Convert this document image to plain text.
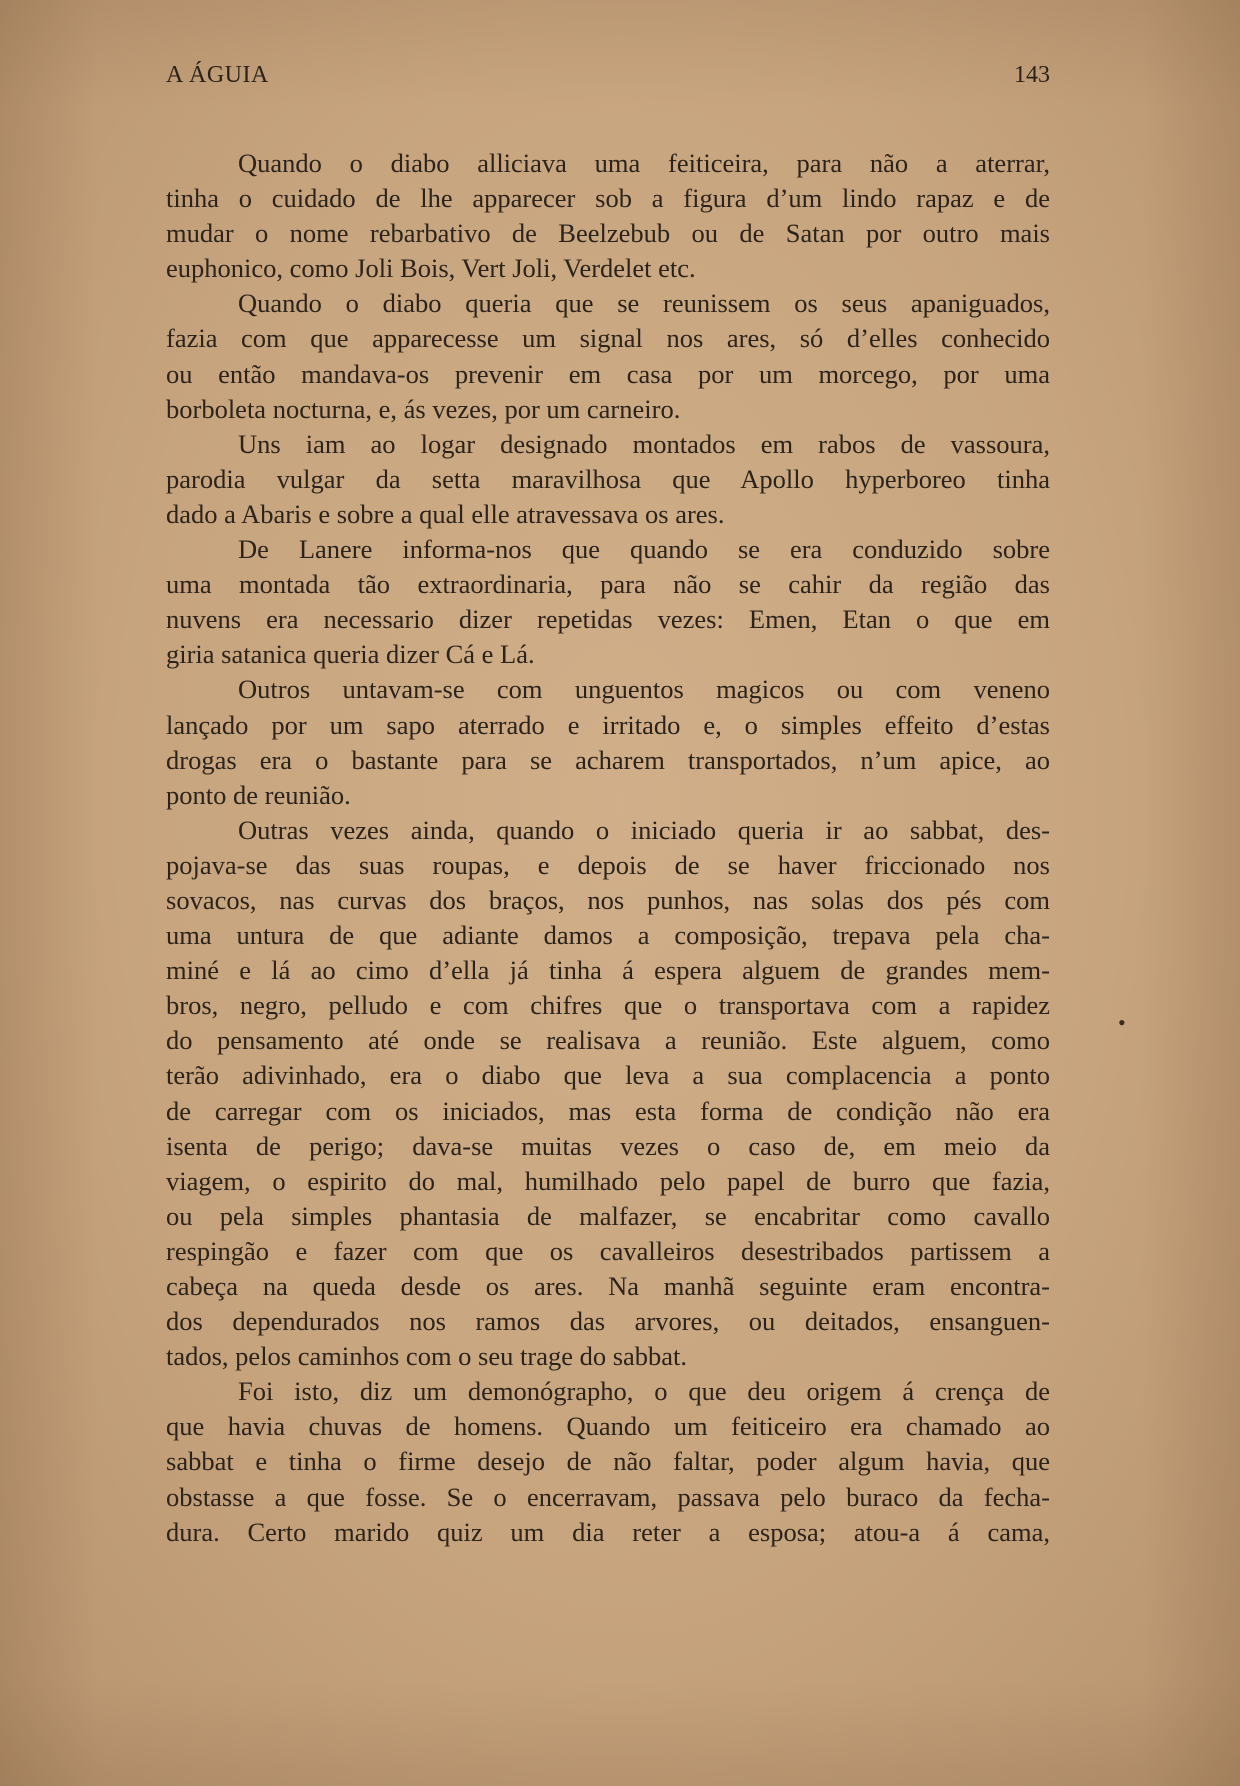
A ÁGUIA	143
Quando o diabo alliciava uma feiticeira, para não a aterrar,
tinha o cuidado de lhe apparecer sob a figura d’um lindo rapaz e de
mudar o nome rebarbativo de Beelzebub ou de Satan por outro mais
euphonico, como Joli Bois, Vert Joli, Verdelet etc.
Quando o diabo queria que se reunissem os seus apaniguados,
fazia com que apparecesse um signal nos ares, só d’elles conhecido
ou então mandava-os prevenir em casa por um morcego, por uma
borboleta nocturna, e, ás vezes, por um carneiro.
Uns iam ao logar designado montados em rabos de vassoura,
parodia vulgar da setta maravilhosa que Apollo hyperboreo tinha
dado a Abaris e sobre a qual elle atravessava os ares.
De Lanere informa-nos que quando se era conduzido sobre
uma montada tão extraordinaria, para não se cahir da região das
nuvens era necessario dizer repetidas vezes: Emen, Etan o que em
giria satanica queria dizer Cá e Lá.
Outros untavam-se com unguentos magicos ou com veneno
lançado por um sapo aterrado e irritado e, o simples effeito d’estas
drogas era o bastante para se acharem transportados, n’um apice, ao
ponto de reunião.
Outras vezes ainda, quando o iniciado queria ir ao sabbat, des-
pojava-se das suas roupas, e depois de se haver friccionado nos
sovacos, nas curvas dos braços, nos punhos, nas solas dos pés com
uma untura de que adiante damos a composição, trepava pela cha-
miné e lá ao cimo d’ella já tinha á espera alguem de grandes mem-
bros, negro, pelludo e com chifres que o transportava com a rapidez
do pensamento até onde se realisava a reunião. Este alguem, como
terão adivinhado, era o diabo que leva a sua complacencia a ponto
de carregar com os iniciados, mas esta forma de condição não era
isenta de perigo; dava-se muitas vezes o caso de, em meio da
viagem, o espirito do mal, humilhado pelo papel de burro que fazia,
ou pela simples phantasia de malfazer, se encabritar como cavallo
respingão e fazer com que os cavalleiros desestribados partissem a
cabeça na queda desde os ares. Na manhã seguinte eram encontra-
dos dependurados nos ramos das arvores, ou deitados, ensanguen-
tados, pelos caminhos com o seu trage do sabbat.
Foi isto, diz um demonógrapho, o que deu origem á crença de
que havia chuvas de homens. Quando um feiticeiro era chamado ao
sabbat e tinha o firme desejo de não faltar, poder algum havia, que
obstasse a que fosse. Se o encerravam, passava pelo buraco da fecha-
dura. Certo marido quiz um dia reter a esposa; atou-a á cama,
•
